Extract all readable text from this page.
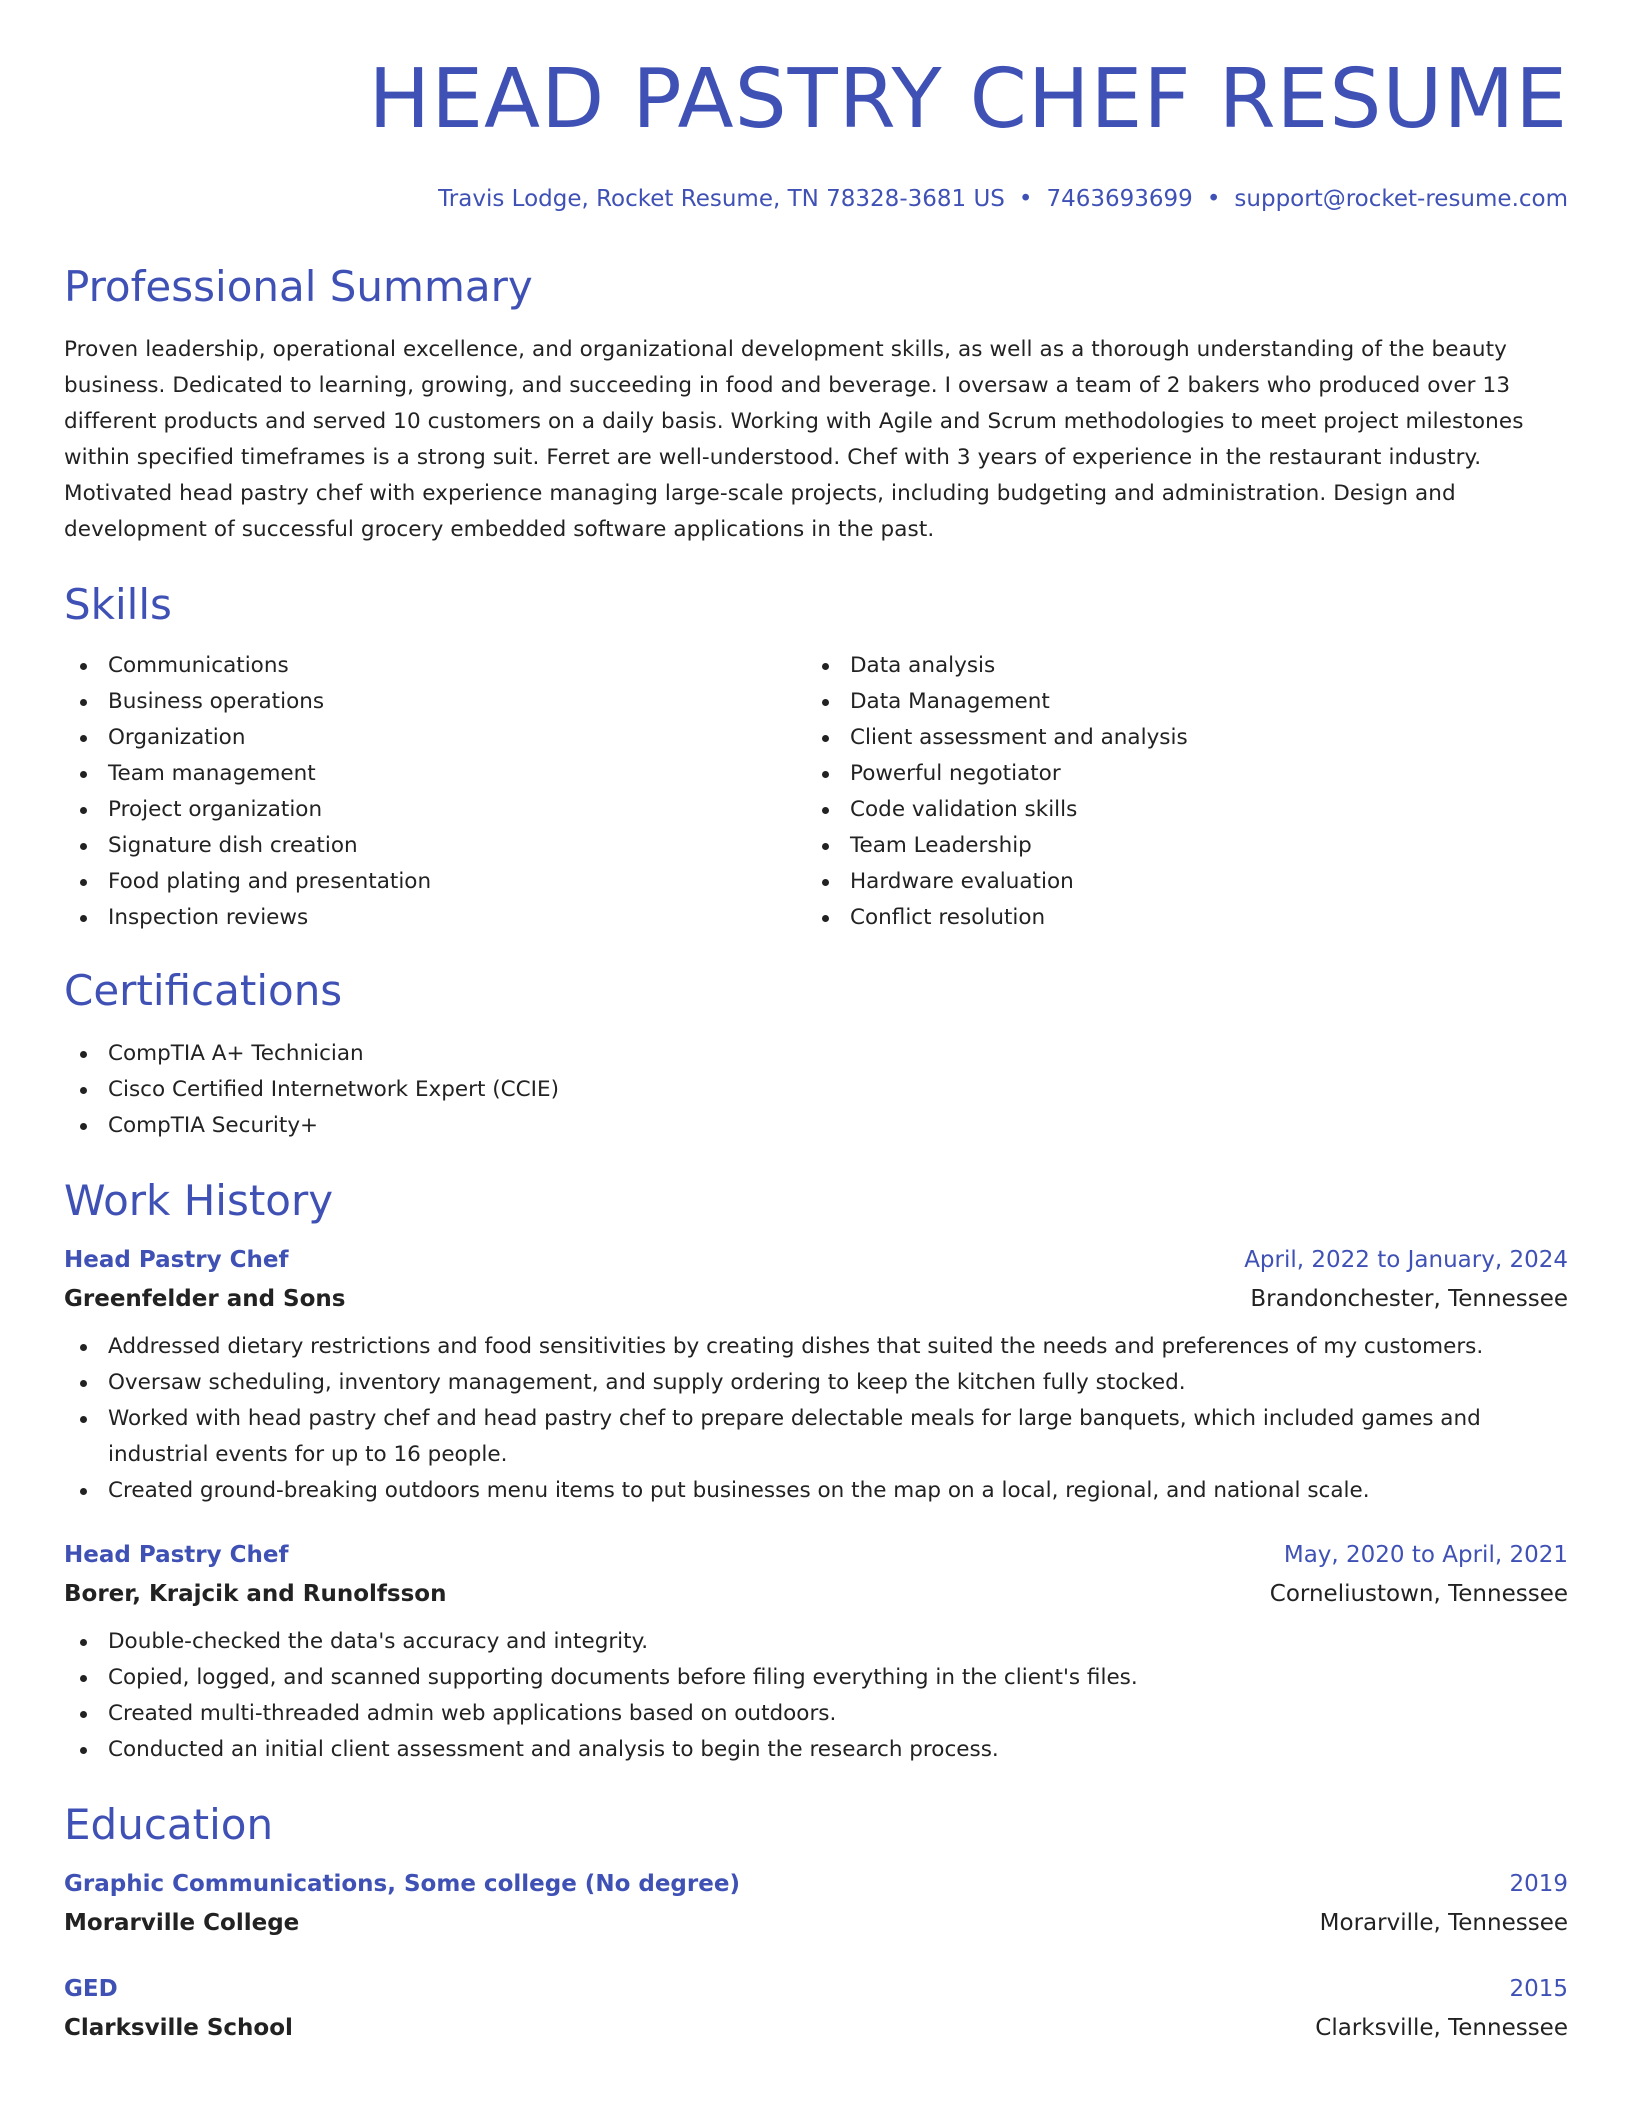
HEAD PASTRY CHEF RESUME
Travis Lodge, Rocket Resume, TN 78328-3681 US • 7463693699 • support@rocket-resume.com
Professional Summary

Proven leadership, operational excellence, and organizational development skills, as well as a thorough understanding of the beauty business. Dedicated to learning, growing, and succeeding in food and beverage. I oversaw a team of 2 bakers who produced over 13 different products and served 10 customers on a daily basis. Working with Agile and Scrum methodologies to meet project milestones within specified timeframes is a strong suit. Ferret are well-understood. Chef with 3 years of experience in the restaurant industry. Motivated head pastry chef with experience managing large-scale projects, including budgeting and administration. Design and development of successful grocery embedded software applications in the past.

Skills
Communications
Business operations
Organization
Team management
Project organization
Signature dish creation
Food plating and presentation
Inspection reviews
Data analysis
Data Management
Client assessment and analysis
Powerful negotiator
Code validation skills
Team Leadership
Hardware evaluation
Conflict resolution
Certifications
CompTIA A+ Technician
Cisco Certified Internetwork Expert (CCIE)
CompTIA Security+
Work History
Head Pastry Chef	April, 2022 to January, 2024
Greenfelder and Sons	Brandonchester, Tennessee
Addressed dietary restrictions and food sensitivities by creating dishes that suited the needs and preferences of my customers.
Oversaw scheduling, inventory management, and supply ordering to keep the kitchen fully stocked.
Worked with head pastry chef and head pastry chef to prepare delectable meals for large banquets, which included games and industrial events for up to 16 people.
Created ground-breaking outdoors menu items to put businesses on the map on a local, regional, and national scale.
Head Pastry Chef	May, 2020 to April, 2021
Borer, Krajcik and Runolfsson	Corneliustown, Tennessee
Double-checked the data's accuracy and integrity.
Copied, logged, and scanned supporting documents before filing everything in the client's files.
Created multi-threaded admin web applications based on outdoors.
Conducted an initial client assessment and analysis to begin the research process.
Education
Graphic Communications, Some college (No degree)	2019
Morarville College	Morarville, Tennessee
GED	2015
Clarksville School	Clarksville, Tennessee
